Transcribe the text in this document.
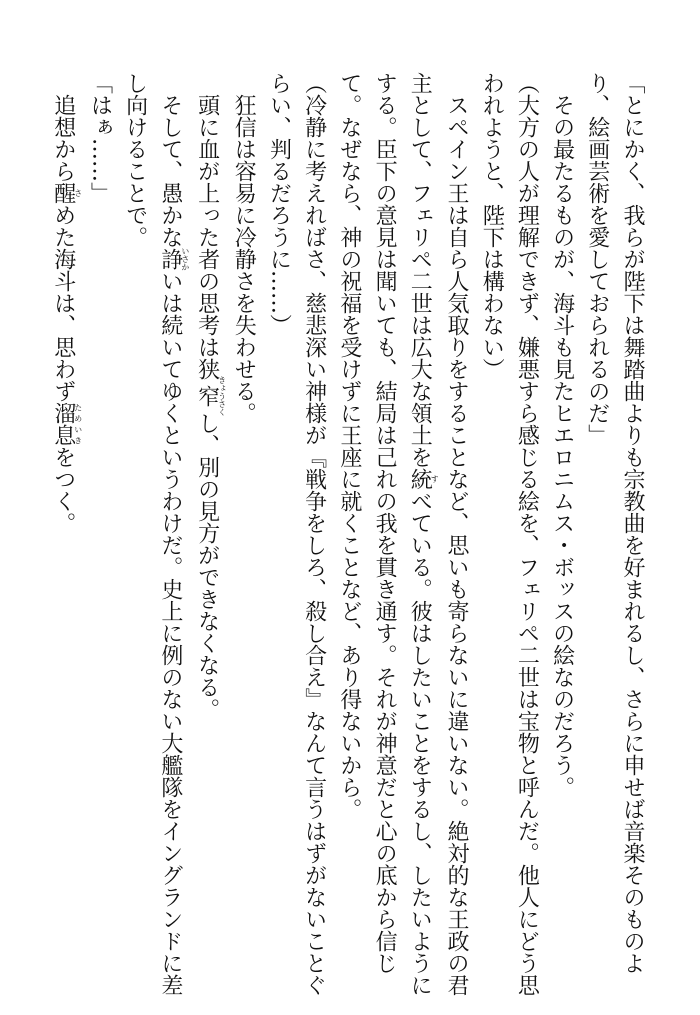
「とにかく、我らが陛下は舞踏曲よりも宗教曲を好まれるし、さらに申せば音楽そのものよ

り、絵画芸術を愛しておられるのだ」

　その最たるものが、海斗も見たヒエロニムス・ボッスの絵なのだろう。

（大方の人が理解できず、嫌悪すら感じる絵を、フェリペ二世は宝物と呼んだ。他人にどう思

われようと、陛下は構わない）

　スペイン王は自ら人気取りをすることなど、思いも寄らないに違いない。絶対的な王政の君

主として、フェリペ二世は広大な領土を統すべている。彼はしたいことをするし、したいように

する。臣下の意見は聞いても、結局は己れの我を貫き通す。それが神意だと心の底から信じ

て。なぜなら、神の祝福を受けずに王座に就くことなど、あり得ないから。

（冷静に考えればさ、慈悲深い神様が『戦争をしろ、殺し合え』なんて言うはずがないことぐ

らい、判るだろうに……）

　狂信は容易に冷静さを失わせる。

　頭に血が上った者の思考は狭窄きょうさくし、別の見方ができなくなる。

　そして、愚かな諍いさかいは続いてゆくというわけだ。史上に例のない大艦隊をイングランドに差

し向けることで。

「はぁ……」

　追想から醒さめた海斗は、思わず溜息ためいきをつく。
